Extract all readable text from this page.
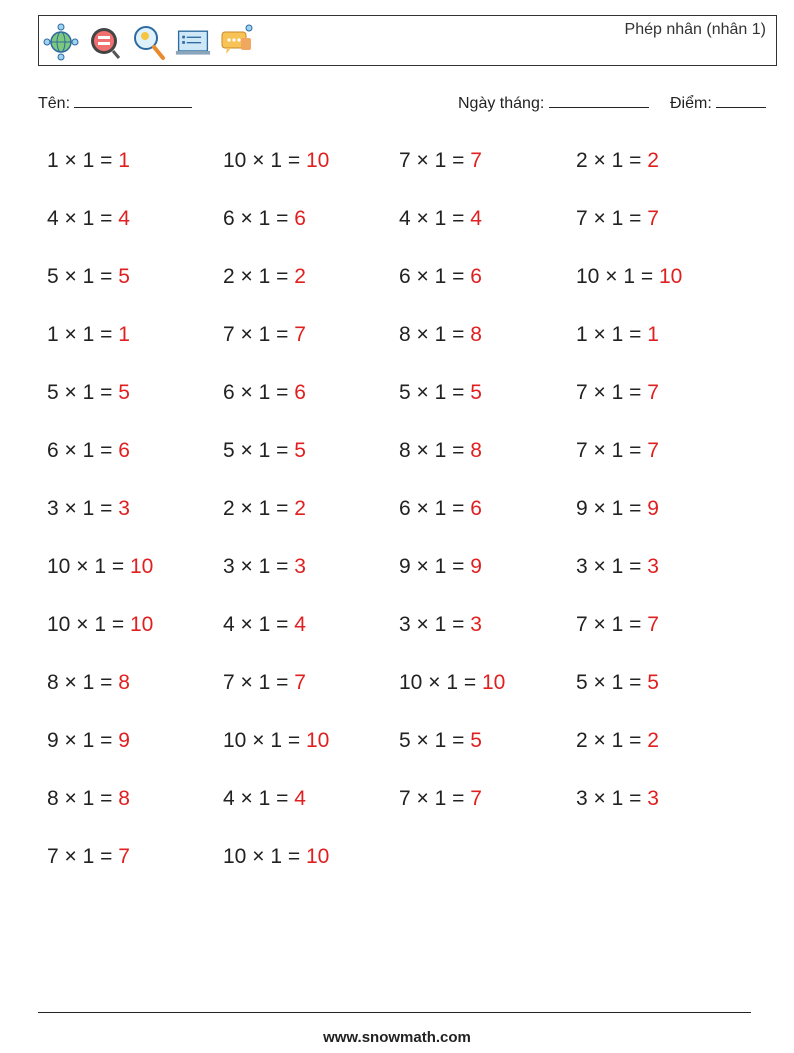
Phép nhân (nhân 1)
Tên:	Ngày tháng:	Điểm:
1 × 1 = 1	10 × 1 = 10	7 × 1 = 7	2 × 1 = 2
4 × 1 = 4	6 × 1 = 6	4 × 1 = 4	7 × 1 = 7
5 × 1 = 5	2 × 1 = 2	6 × 1 = 6	10 × 1 = 10
1 × 1 = 1	7 × 1 = 7	8 × 1 = 8	1 × 1 = 1
5 × 1 = 5	6 × 1 = 6	5 × 1 = 5	7 × 1 = 7
6 × 1 = 6	5 × 1 = 5	8 × 1 = 8	7 × 1 = 7
3 × 1 = 3	2 × 1 = 2	6 × 1 = 6	9 × 1 = 9
10 × 1 = 10	3 × 1 = 3	9 × 1 = 9	3 × 1 = 3
10 × 1 = 10	4 × 1 = 4	3 × 1 = 3	7 × 1 = 7
8 × 1 = 8	7 × 1 = 7	10 × 1 = 10	5 × 1 = 5
9 × 1 = 9	10 × 1 = 10	5 × 1 = 5	2 × 1 = 2
8 × 1 = 8	4 × 1 = 4	7 × 1 = 7	3 × 1 = 3
7 × 1 = 7	10 × 1 = 10
www.snowmath.com
